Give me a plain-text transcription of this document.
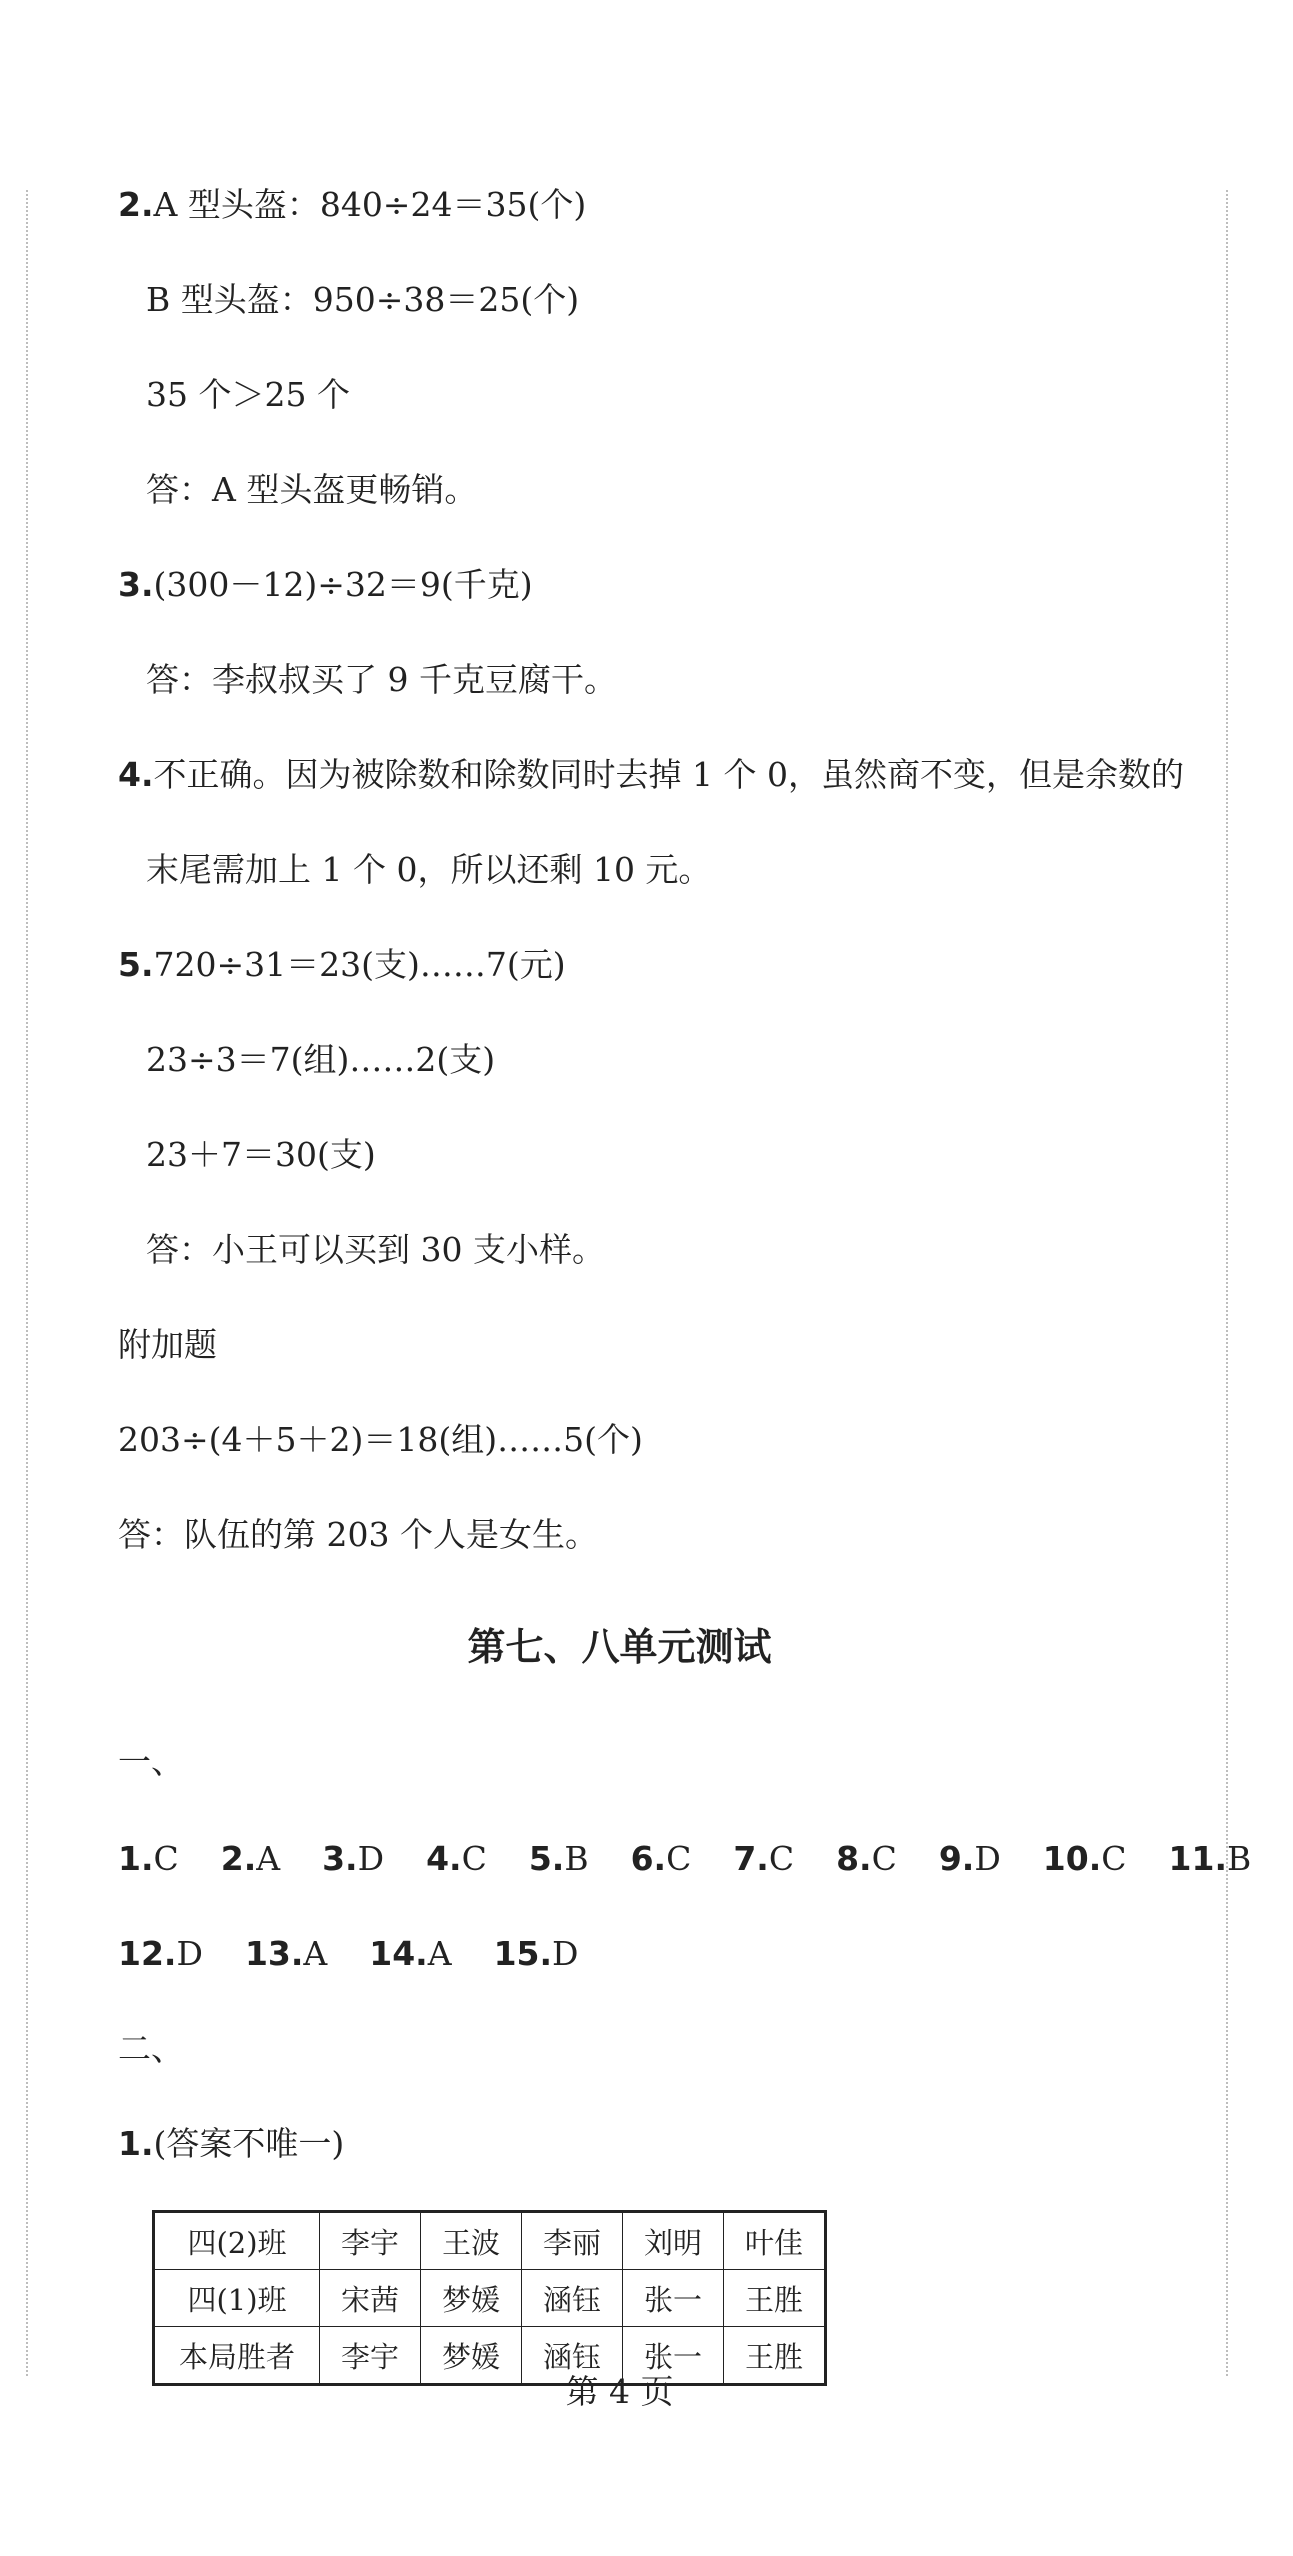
2.A 型头盔：840÷24＝35(个)
B 型头盔：950÷38＝25(个)
35 个＞25 个
答：A 型头盔更畅销。
3.(300－12)÷32＝9(千克)
答：李叔叔买了 9 千克豆腐干。
4.不正确。因为被除数和除数同时去掉 1 个 0，虽然商不变，但是余数的
末尾需加上 1 个 0，所以还剩 10 元。
5.720÷31＝23(支)……7(元)
23÷3＝7(组)……2(支)
23＋7＝30(支)
答：小王可以买到 30 支小样。
附加题
203÷(4＋5＋2)＝18(组)……5(个)
答：队伍的第 203 个人是女生。
第七、八单元测试
一、
1.C 2.A 3.D 4.C 5.B 6.C 7.C 8.C 9.D 10.C 11.B
12.D 13.A 14.A 15.D
二、
1.(答案不唯一)
四(2)班	李宇	王波	李丽	刘明	叶佳
四(1)班	宋茜	梦媛	涵钰	张一	王胜
本局胜者	李宇	梦媛	涵钰	张一	王胜
第 4 页
